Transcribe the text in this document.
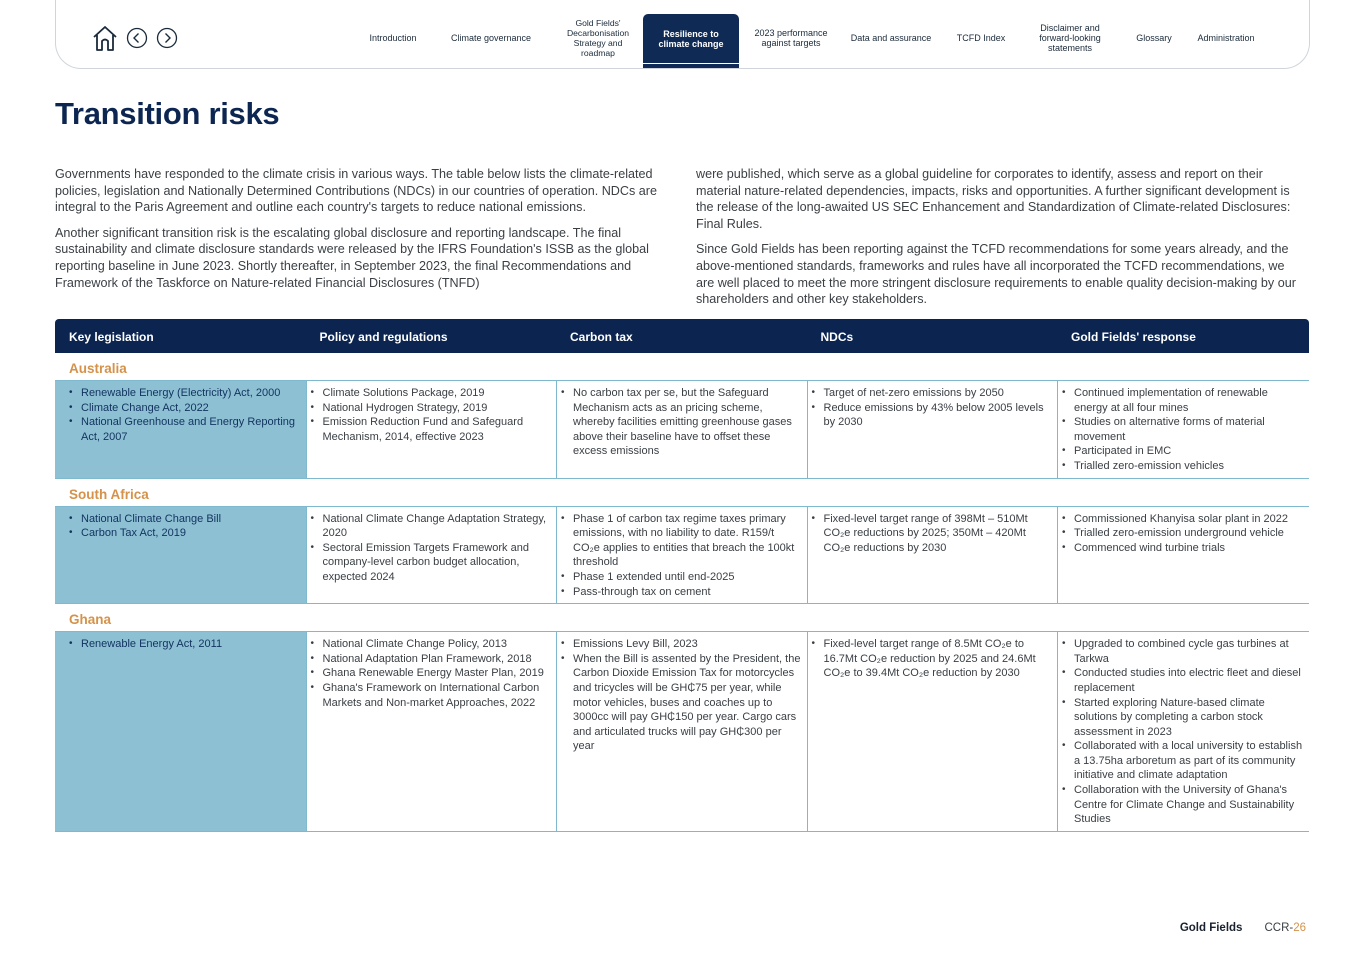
Introduction	Climate governance
Gold Fields' Decarbonisation Strategy and roadmap
Resilience to climate change
2023 performance against targets	Data and assurance	TCFD Index
Disclaimer and forward-looking statements
Glossary	Administration
Transition risks

Governments have responded to the climate crisis in various ways. The table below lists the climate-related policies, legislation and Nationally Determined Contributions (NDCs) in our countries of operation. NDCs are integral to the Paris Agreement and outline each country's targets to reduce national emissions.

Another significant transition risk is the escalating global disclosure and reporting landscape. The final sustainability and climate disclosure standards were released by the IFRS Foundation's ISSB as the global reporting baseline in June 2023. Shortly thereafter, in September 2023, the final Recommendations and Framework of the Taskforce on Nature-related Financial Disclosures (TNFD)

were published, which serve as a global guideline for corporates to identify, assess and report on their material nature-related dependencies, impacts, risks and opportunities. A further significant development is the release of the long-awaited US SEC Enhancement and Standardization of Climate-related Disclosures: Final Rules.

Since Gold Fields has been reporting against the TCFD recommendations for some years already, and the above-mentioned standards, frameworks and rules have all incorporated the TCFD recommendations, we are well placed to meet the more stringent disclosure requirements to enable quality decision-making by our shareholders and other key stakeholders.

Key legislation	Policy and regulations	Carbon tax	NDCs	Gold Fields' response
Australia
• Renewable Energy (Electricity) Act, 2000
• Climate Change Act, 2022
• National Greenhouse and Energy Reporting Act, 2007
• Climate Solutions Package, 2019
• National Hydrogen Strategy, 2019
• Emission Reduction Fund and Safeguard Mechanism, 2014, effective 2023
• No carbon tax per se, but the Safeguard Mechanism acts as an pricing scheme, whereby facilities emitting greenhouse gases above their baseline have to offset these excess emissions
• Target of net-zero emissions by 2050
• Reduce emissions by 43% below 2005 levels by 2030
• Continued implementation of renewable energy at all four mines
• Studies on alternative forms of material movement
• Participated in EMC
• Trialled zero-emission vehicles
South Africa
• National Climate Change Bill
• Carbon Tax Act, 2019
• National Climate Change Adaptation Strategy, 2020
• Sectoral Emission Targets Framework and company-level carbon budget allocation, expected 2024
• Phase 1 of carbon tax regime taxes primary emissions, with no liability to date. R159/t CO₂e applies to entities that breach the 100kt threshold
• Phase 1 extended until end-2025
• Pass-through tax on cement
• Fixed-level target range of 398Mt – 510Mt CO₂e reductions by 2025; 350Mt – 420Mt CO₂e reductions by 2030
• Commissioned Khanyisa solar plant in 2022
• Trialled zero-emission underground vehicle
• Commenced wind turbine trials
Ghana
• Renewable Energy Act, 2011
•	National Climate Change Policy, 2013
• National Adaptation Plan Framework, 2018
• Ghana Renewable Energy Master Plan, 2019
• Ghana's Framework on International Carbon Markets and Non-market Approaches, 2022
• Emissions Levy Bill, 2023
• When the Bill is assented by the President, the Carbon Dioxide Emission Tax for motorcycles and tricycles will be GH₵75 per year, while motor vehicles, buses and coaches up to 3000cc will pay GH₵150 per year. Cargo cars and articulated trucks will pay GH₵300 per year
• Fixed-level target range of 8.5Mt CO₂e to 16.7Mt CO₂e reduction by 2025 and 24.6Mt CO₂e to 39.4Mt CO₂e reduction by 2030
• Upgraded to combined cycle gas turbines at Tarkwa
• Conducted studies into electric fleet and diesel replacement
• Started exploring Nature-based climate solutions by completing a carbon stock assessment in 2023
• Collaborated with a local university to establish a 13.75ha arboretum as part of its community initiative and climate adaptation
• Collaboration with the University of Ghana's Centre for Climate Change and Sustainability Studies
Gold Fields CCR-26
